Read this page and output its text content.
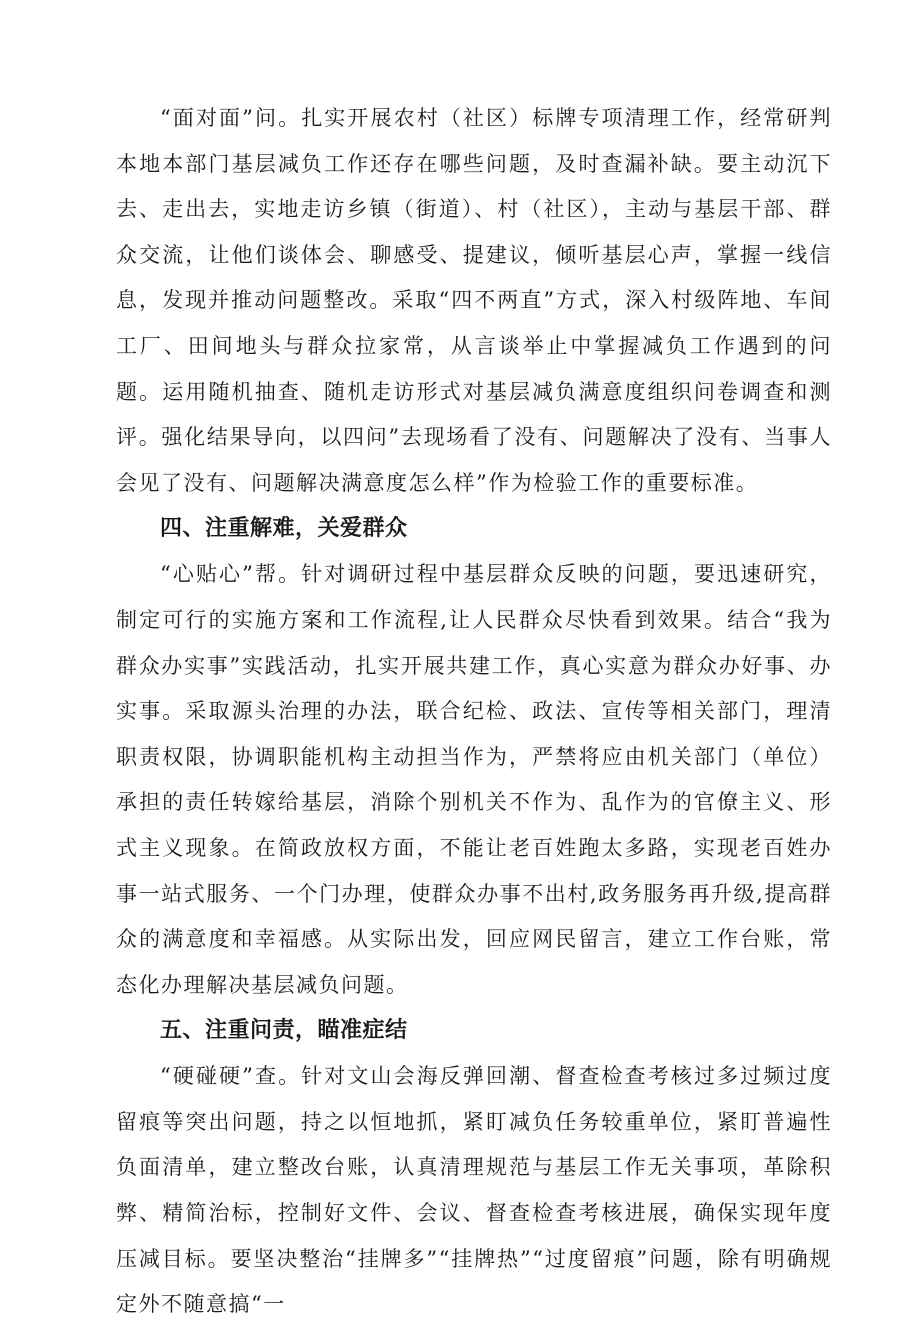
“面对面”问。扎实开展农村（社区）标牌专项清理工作，经常研判本地本部门基层减负工作还存在哪些问题，及时查漏补缺。要主动沉下去、走出去，实地走访乡镇（街道）、村（社区），主动与基层干部、群众交流，让他们谈体会、聊感受、提建议，倾听基层心声，掌握一线信息，发现并推动问题整改。采取“四不两直”方式，深入村级阵地、车间工厂、田间地头与群众拉家常，从言谈举止中掌握减负工作遇到的问题。运用随机抽查、随机走访形式对基层减负满意度组织问卷调查和测评。强化结果导向，以四问”去现场看了没有、问题解决了没有、当事人会见了没有、问题解决满意度怎么样”作为检验工作的重要标准。

四、注重解难，关爱群众

“心贴心”帮。针对调研过程中基层群众反映的问题，要迅速研究，制定可行的实施方案和工作流程,让人民群众尽快看到效果。结合“我为群众办实事”实践活动，扎实开展共建工作，真心实意为群众办好事、办实事。采取源头治理的办法，联合纪检、政法、宣传等相关部门，理清职责权限，协调职能机构主动担当作为，严禁将应由机关部门（单位）承担的责任转嫁给基层，消除个别机关不作为、乱作为的官僚主义、形式主义现象。在简政放权方面，不能让老百姓跑太多路，实现老百姓办事一站式服务、一个门办理，使群众办事不出村,政务服务再升级,提高群众的满意度和幸福感。从实际出发，回应网民留言，建立工作台账，常态化办理解决基层减负问题。

五、注重问责，瞄准症结

“硬碰硬”查。针对文山会海反弹回潮、督查检查考核过多过频过度留痕等突出问题，持之以恒地抓，紧盯减负任务较重单位，紧盯普遍性负面清单，建立整改台账，认真清理规范与基层工作无关事项，革除积弊、精简治标，控制好文件、会议、督查检查考核进展，确保实现年度压减目标。要坚决整治“挂牌多”“挂牌热”“过度留痕”问题，除有明确规定外不随意搞“一
